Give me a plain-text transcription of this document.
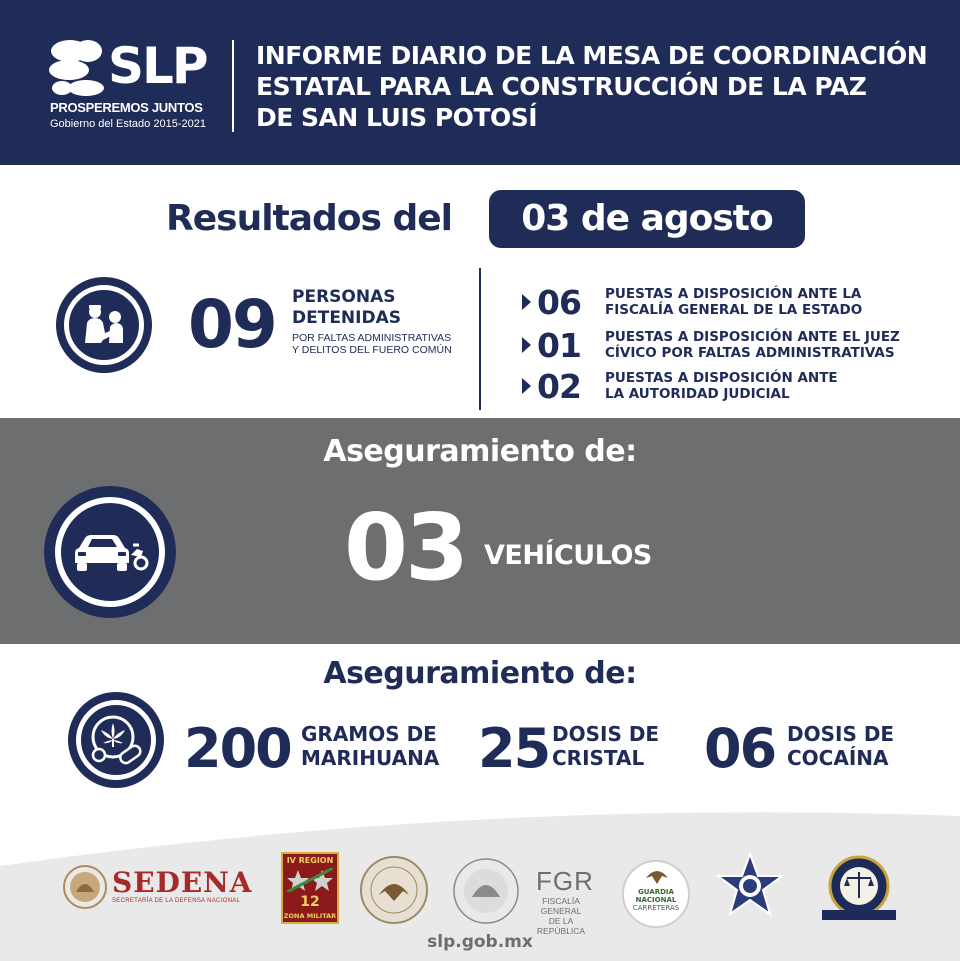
SLP
PROSPEREMOS JUNTOS
Gobierno del Estado 2015-2021
INFORME DIARIO DE LA MESA DE COORDINACIÓN
ESTATAL PARA LA CONSTRUCCIÓN DE LA PAZ
DE SAN LUIS POTOSÍ
Resultados del	03 de agosto
09 PERSONAS
DETENIDAS
POR FALTAS ADMINISTRATIVAS
Y DELITOS DEL FUERO COMÚN
06	PUESTAS A DISPOSICIÓN ANTE LA
FISCALÍA GENERAL DE LA ESTADO
01	PUESTAS A DISPOSICIÓN ANTE EL JUEZ
CÍVICO POR FALTAS ADMINISTRATIVAS
02	PUESTAS A DISPOSICIÓN ANTE
LA AUTORIDAD JUDICIAL
Aseguramiento de:
03 VEHÍCULOS
Aseguramiento de:
200 GRAMOS DE
MARIHUANA 25 DOSIS DE
CRISTAL 06 DOSIS DE
COCAÍNA
SEDENA
SECRETARÍA DE LA DEFENSA NACIONAL
IV REGION
12
ZONA MILITAR
FGR
FISCALÍA GENERAL
DE LA REPÚBLICA
GUARDIA
NACIONAL
CARRETERAS
slp.gob.mx
